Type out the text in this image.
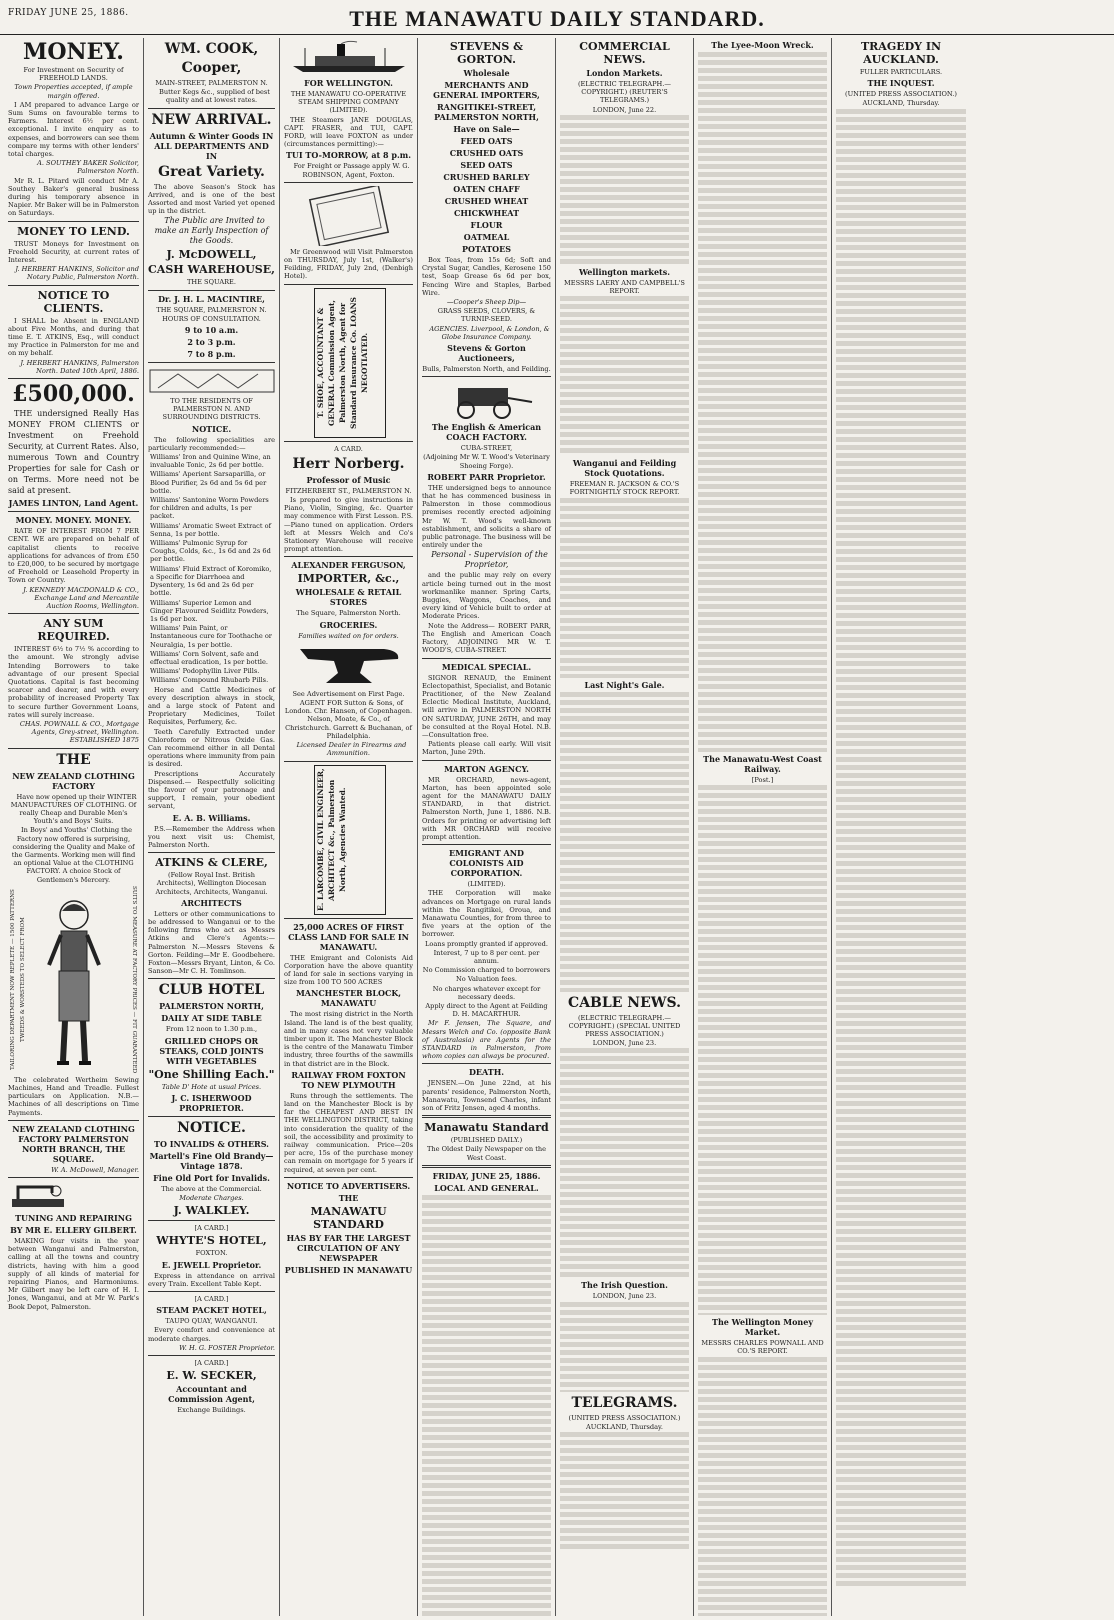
FRIDAY JUNE 25, 1886.	THE MANAWATU DAILY STANDARD.
MONEY.
For Investment on Security of FREEHOLD LANDS.
Town Properties accepted, if ample margin offered.

I AM prepared to advance Large or Sum Sums on favourable terms to Farmers. Interest 6½ per cent. exceptional. I invite enquiry as to expenses, and borrowers can see them compare my terms with other lenders' total charges.

A. SOUTHEY BAKER Solicitor, Palmerston North.

Mr R. L. Pitard will conduct Mr A. Southey Baker's general business during his temporary absence in Napier. Mr Baker will be in Palmerston on Saturdays.

MONEY TO LEND.

TRUST Moneys for Investment on Freehold Security, at current rates of Interest.

J. HERBERT HANKINS, Solicitor and Notary Public, Palmerston North.
NOTICE TO CLIENTS.

I SHALL be Absent in ENGLAND about Five Months, and during that time E. T. ATKINS, Esq., will conduct my Practice in Palmerston for me and on my behalf.

J. HERBERT HANKINS, Palmerston North. Dated 10th April, 1886.
£500,000.

THE undersigned Really Has MONEY FROM CLIENTS or Investment on Freehold Security, at Current Rates. Also, numerous Town and Country Properties for sale for Cash or on Terms. More need not be said at present.

JAMES LINTON, Land Agent.
MONEY. MONEY. MONEY.

RATE OF INTEREST FROM 7 PER CENT. WE are prepared on behalf of capitalist clients to receive applications for advances of from £50 to £20,000, to be secured by mortgage of Freehold or Leasehold Property in Town or Country.

J. KENNEDY MACDONALD & CO., Exchange Land and Mercantile Auction Rooms, Wellington.
ANY SUM REQUIRED.

INTEREST 6½ to 7½ % according to the amount. We strongly advise Intending Borrowers to take advantage of our present Special Quotations. Capital is fast becoming scarcer and dearer, and with every probability of increased Property Tax to secure further Government Loans, rates will surely increase.

CHAS. POWNALL & CO., Mortgage Agents, Grey-street, Wellington. ESTABLISHED 1875
THE
NEW ZEALAND CLOTHING FACTORY

Have now opened up their WINTER MANUFACTURES OF CLOTHING. Of really Cheap and Durable Men's Youth's and Boys' Suits.

In Boys' and Youths' Clothing the Factory now offered is surprising, considering the Quality and Make of the Garments. Working men will find an optional Value at the CLOTHING FACTORY. A choice Stock of Gentlemen's Mercery.

TAILORING DEPARTMENT NOW REPLETE — 1500 PATTERNS TWEEDS & WORSTEDS TO SELECT FROM	SUITS TO MEASURE AT FACTORY PRICES — FIT GUARANTEED

The celebrated Wertheim Sewing Machines, Hand and Treadle. Fullest particulars on Application. N.B.—Machines of all descriptions on Time Payments.

NEW ZEALAND CLOTHING FACTORY PALMERSTON NORTH BRANCH, THE SQUARE.
W. A. McDowell, Manager.
TUNING AND REPAIRING
BY MR E. ELLERY GILBERT.

MAKING four visits in the year between Wanganui and Palmerston, calling at all the towns and country districts, having with him a good supply of all kinds of material for repairing Pianos, and Harmoniums. Mr Gilbert may be left care of H. I. Jones, Wanganui, and at Mr W. Park's Book Depot, Palmerston.

WM. COOK,
Cooper,
MAIN-STREET, PALMERSTON N.

Butter Kegs &c., supplied of best quality and at lowest rates.

NEW ARRIVAL.
Autumn & Winter Goods IN ALL DEPARTMENTS AND IN
Great Variety.

The above Season's Stock has Arrived, and is one of the best Assorted and most Varied yet opened up in the district.

The Public are Invited to make an Early Inspection of the Goods.

J. McDOWELL,
CASH WAREHOUSE,
THE SQUARE.
Dr. J. H. L. MACINTIRE,
THE SQUARE, PALMERSTON N.
HOURS OF CONSULTATION.
9 to 10 a.m.
2 to 3 p.m.
7 to 8 p.m.
TO THE RESIDENTS OF PALMERSTON N. AND SURROUNDING DISTRICTS.
NOTICE.

The following specialities are particularly recommended:—

Williams' Iron and Quinine Wine, an invaluable Tonic, 2s 6d per bottle.
Williams' Aperient Sarsaparilla, or Blood Purifier, 2s 6d and 5s 6d per bottle.
Williams' Santonine Worm Powders for children and adults, 1s per packet.
Williams' Aromatic Sweet Extract of Senna, 1s per bottle.
Williams' Pulmonic Syrup for Coughs, Colds, &c., 1s 6d and 2s 6d per bottle.
Williams' Fluid Extract of Koromiko, a Specific for Diarrhoea and Dysentery, 1s 6d and 2s 6d per bottle.
Williams' Superior Lemon and Ginger Flavoured Seidlitz Powders, 1s 6d per box.
Williams' Pain Paint, or Instantaneous cure for Toothache or Neuralgia, 1s per bottle.
Williams' Corn Solvent, safe and effectual eradication, 1s per bottle.
Williams' Podophyllin Liver Pills.
Williams' Compound Rhubarb Pills.

Horse and Cattle Medicines of every description always in stock, and a large stock of Patent and Proprietary Medicines, Toilet Requisites, Perfumery, &c.

Teeth Carefully Extracted under Chloroform or Nitrous Oxide Gas. Can recommend either in all Dental operations where immunity from pain is desired.

Prescriptions Accurately Dispensed.— Respectfully soliciting the favour of your patronage and support, I remain, your obedient servant,

E. A. B. Williams.

P.S.—Remember the Address when you next visit us: Chemist, Palmerston North.

ATKINS & CLERE,
(Fellow Royal Inst. British Architects), Wellington Diocesan Architects, Architects, Wanganui.
ARCHITECTS

Letters or other communications to be addressed to Wanganui or to the following firms who act as Messrs Atkins and Clere's Agents:— Palmerston N.—Messrs Stevens & Gorton. Feilding—Mr E. Goodbehere. Foxton—Messrs Bryant, Linton, & Co. Sanson—Mr C. H. Tomlinson.

CLUB HOTEL
PALMERSTON NORTH,
DAILY AT SIDE TABLE
From 12 noon to 1.30 p.m.,
GRILLED CHOPS OR STEAKS, COLD JOINTS WITH VEGETABLES
"One Shilling Each."
Table D' Hote at usual Prices.
J. C. ISHERWOOD PROPRIETOR.
NOTICE.
TO INVALIDS & OTHERS.
Martell's Fine Old Brandy— Vintage 1878.
Fine Old Port for Invalids.
The above at the Commercial.
Moderate Charges.
J. WALKLEY.
[A CARD.]
WHYTE'S HOTEL,
FOXTON.
E. JEWELL Proprietor.

Express in attendance on arrival every Train. Excellent Table Kept.

[A CARD.]
STEAM PACKET HOTEL,
TAUPO QUAY, WANGANUI.

Every comfort and convenience at moderate charges.

W. H. G. FOSTER Proprietor.
[A CARD.]
E. W. SECKER,
Accountant and Commission Agent,
Exchange Buildings.
FOR WELLINGTON.
THE MANAWATU CO-OPERATIVE STEAM SHIPPING COMPANY (LIMITED).

THE Steamers JANE DOUGLAS, CAPT. FRASER, and TUI, CAPT. FORD, will leave FOXTON as under (circumstances permitting):—

TUI TO-MORROW, at 8 p.m.

For Freight or Passage apply W. G. ROBINSON, Agent, Foxton.

Mr Greenwood will Visit Palmerston on THURSDAY, July 1st, (Walker's) Feilding, FRIDAY, July 2nd, (Denbigh Hotel).

T. SHOE, ACCOUNTANT & GENERAL Commission Agent, Palmerston North, Agent for Standard Insurance Co. LOANS NEGOTIATED.
A CARD.
Herr Norberg.
Professor of Music
FITZHERBERT ST., PALMERSTON N.

Is prepared to give instructions in Piano, Violin, Singing, &c. Quarter may commence with First Lesson. P.S.—Piano tuned on application. Orders left at Messrs Welch and Co's Stationery Warehouse will receive prompt attention.

ALEXANDER FERGUSON,
IMPORTER, &c.,
WHOLESALE & RETAIL STORES
The Square, Palmerston North.
GROCERIES.
Families waited on for orders.
See Advertisement on First Page.

AGENT FOR Sutton & Sons, of London. Chr. Hansen, of Copenhagen. Nelson, Moate, & Co., of Christchurch. Garrett & Buchanan, of Philadelphia.

Licensed Dealer in Firearms and Ammunition.

E. LARCOMBE, CIVIL ENGINEER, ARCHITECT &c., Palmerston North, Agencies Wanted.
25,000 ACRES OF FIRST CLASS LAND FOR SALE IN MANAWATU.

THE Emigrant and Colonists Aid Corporation have the above quantity of land for sale in sections varying in size from 100 TO 500 ACRES

MANCHESTER BLOCK, MANAWATU

The most rising district in the North Island. The land is of the best quality, and in many cases not very valuable timber upon it. The Manchester Block is the centre of the Manawatu Timber industry, three fourths of the sawmills in that district are in the Block.

RAILWAY FROM FOXTON TO NEW PLYMOUTH

Runs through the settlements. The land on the Manchester Block is by far the CHEAPEST AND BEST IN THE WELLINGTON DISTRICT, taking into consideration the quality of the soil, the accessibility and proximity to railway communication. Price—20s per acre, 15s of the purchase money can remain on mortgage for 5 years if required, at seven per cent.

NOTICE TO ADVERTISERS.
THE
MANAWATU STANDARD
HAS BY FAR THE LARGEST CIRCULATION OF ANY NEWSPAPER
PUBLISHED IN MANAWATU
STEVENS & GORTON.
Wholesale
MERCHANTS AND GENERAL IMPORTERS,
RANGITIKEI-STREET, PALMERSTON NORTH,
Have on Sale—
FEED OATS
CRUSHED OATS
SEED OATS
CRUSHED BARLEY
OATEN CHAFF
CRUSHED WHEAT
CHICKWHEAT
FLOUR
OATMEAL
POTATOES

Box Teas, from 15s 6d; Soft and Crystal Sugar, Candles, Kerosene 150 test, Soap Grease 6s 6d per box, Fencing Wire and Staples, Barbed Wire.

—Cooper's Sheep Dip—
GRASS SEEDS, CLOVERS, & TURNIP-SEED.

AGENCIES. Liverpool, & London, & Globe Insurance Company.

Stevens & Gorton Auctioneers,
Bulls, Palmerston North, and Feilding.
The English & American COACH FACTORY.
CUBA-STREET,
(Adjoining Mr W. T. Wood's Veterinary Shoeing Forge).
ROBERT PARR Proprietor.

THE undersigned begs to announce that he has commenced business in Palmerston in those commodious premises recently erected adjoining Mr W. T. Wood's well-known establishment, and solicits a share of public patronage. The business will be entirely under the

Personal - Supervision of the Proprietor,

and the public may rely on every article being turned out in the most workmanlike manner. Spring Carts, Buggies, Waggons, Coaches, and every kind of Vehicle built to order at Moderate Prices.

Note the Address— ROBERT PARR, The English and American Coach Factory, ADJOINING MR W. T. WOOD'S, CUBA-STREET.

MEDICAL SPECIAL.

SIGNOR RENAUD, the Eminent Eclectopathist, Specialist, and Botanic Practitioner, of the New Zealand Eclectic Medical Institute, Auckland, will arrive in PALMERSTON NORTH ON SATURDAY, JUNE 26TH, and may be consulted at the Royal Hotel. N.B.—Consultation free.

Patients please call early. Will visit Marton, June 29th.

MARTON AGENCY.

MR ORCHARD, news-agent, Marton, has been appointed sole agent for the MANAWATU DAILY STANDARD, in that district. Palmerston North, June 1, 1886. N.B. Orders for printing or advertising left with MR ORCHARD will receive prompt attention.

EMIGRANT AND COLONISTS AID CORPORATION.
(LIMITED).

THE Corporation will make advances on Mortgage on rural lands within the Rangitikei, Oroua, and Manawatu Counties, for from three to five years at the option of the borrower.

Loans promptly granted if approved.
Interest, 7 up to 8 per cent. per annum.
No Commission charged to borrowers
No Valuation fees.
No charges whatever except for necessary deeds.
Apply direct to the Agent at Feilding D. H. MACARTHUR.

Mr F. Jensen, The Square, and Messrs Welch and Co. (opposite Bank of Australasia) are Agents for the STANDARD in Palmerston, from whom copies can always be procured.

DEATH.

JENSEN.—On June 22nd, at his parents' residence, Palmerston North, Manawatu, Townsend Charles, infant son of Fritz Jensen, aged 4 months.

Manawatu Standard
(PUBLISHED DAILY.)
The Oldest Daily Newspaper on the West Coast.
FRIDAY, JUNE 25, 1886.
LOCAL AND GENERAL.
COMMERCIAL NEWS.
London Markets.
(ELECTRIC TELEGRAPH.—COPYRIGHT.) (REUTER'S TELEGRAMS.)
LONDON, June 22.
Wellington markets.
MESSRS LAERY AND CAMPBELL'S REPORT.
Wanganui and Feilding Stock Quotations.
FREEMAN R. JACKSON & CO.'S FORTNIGHTLY STOCK REPORT.
Last Night's Gale.
CABLE NEWS.
(ELECTRIC TELEGRAPH.—COPYRIGHT.) (SPECIAL UNITED PRESS ASSOCIATION.)
LONDON, June 23.
The Irish Question.
LONDON, June 23.
TELEGRAMS.
(UNITED PRESS ASSOCIATION.)
AUCKLAND, Thursday.
The Lyee-Moon Wreck.
The Manawatu-West Coast Railway.
[Post.]
The Wellington Money Market.
MESSRS CHARLES POWNALL AND CO.'S REPORT.
TRAGEDY IN AUCKLAND.
FULLER PARTICULARS.
THE INQUEST.
(UNITED PRESS ASSOCIATION.)
AUCKLAND, Thursday.
